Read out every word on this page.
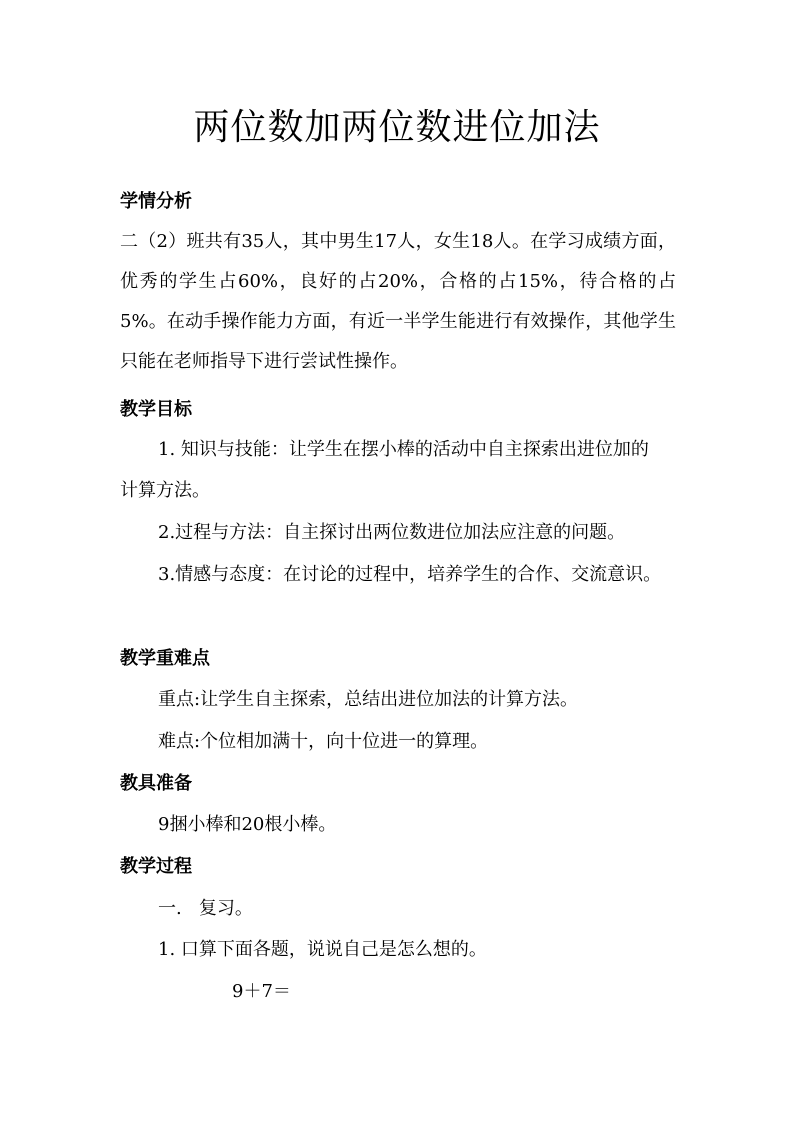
两位数加两位数进位加法
学情分析
二（2）班共有35人，其中男生17人，女生18人。在学习成绩方面，优秀的学生占60%，良好的占20%，合格的占15%，待合格的占5%。在动手操作能力方面，有近一半学生能进行有效操作，其他学生只能在老师指导下进行尝试性操作。
教学目标
1. 知识与技能：让学生在摆小棒的活动中自主探索出进位加的
计算方法。
2.过程与方法：自主探讨出两位数进位加法应注意的问题。
3.情感与态度：在讨论的过程中，培养学生的合作、交流意识。
教学重难点
重点:让学生自主探索，总结出进位加法的计算方法。
难点:个位相加满十，向十位进一的算理。
教具准备
9捆小棒和20根小棒。
教学过程
一.   复习。
1. 口算下面各题，说说自己是怎么想的。
9＋7＝
